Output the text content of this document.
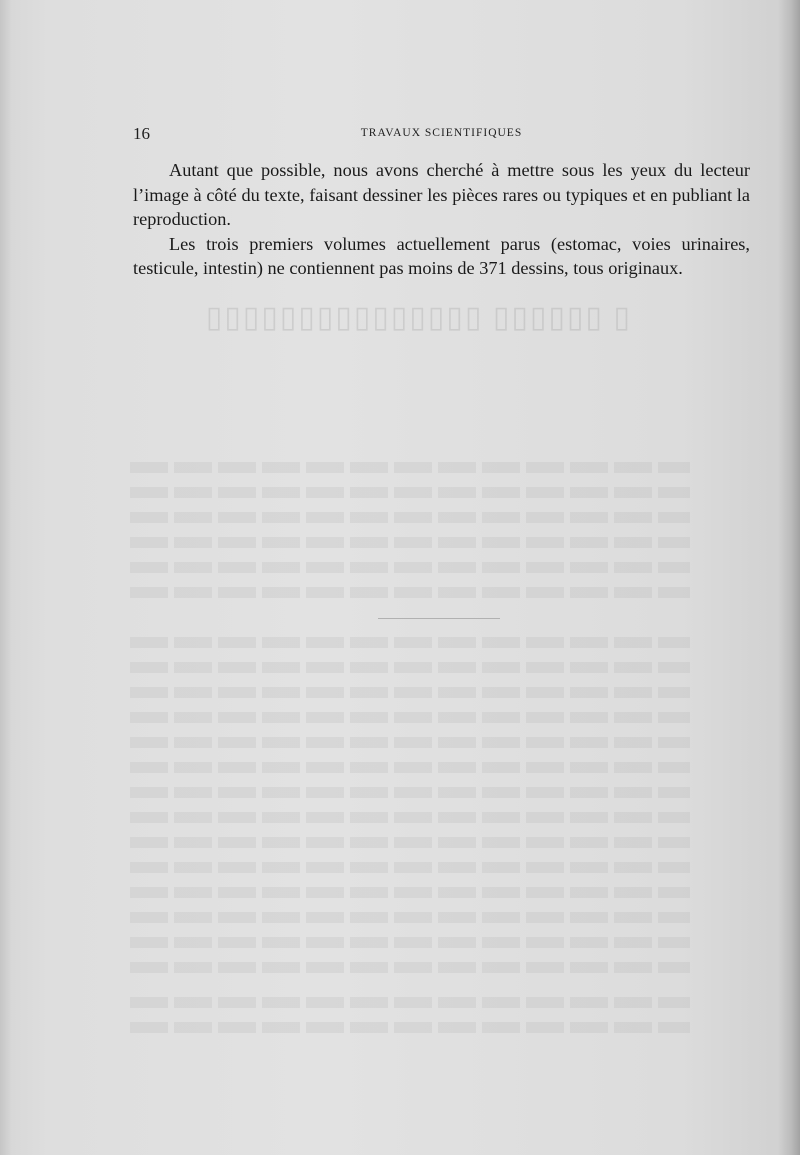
▯ ▯▯▯▯▯▯ ▯▯▯▯▯▯▯▯▯▯▯▯▯▯▯
16	TRAVAUX SCIENTIFIQUES

Autant que possible, nous avons cherché à mettre sous les yeux du lecteur l’image à côté du texte, faisant dessiner les pièces rares ou typiques et en publiant la reproduction.

Les trois premiers volumes actuellement parus (estomac, voies urinaires, testicule, intestin) ne contiennent pas moins de 371 dessins, tous originaux.
